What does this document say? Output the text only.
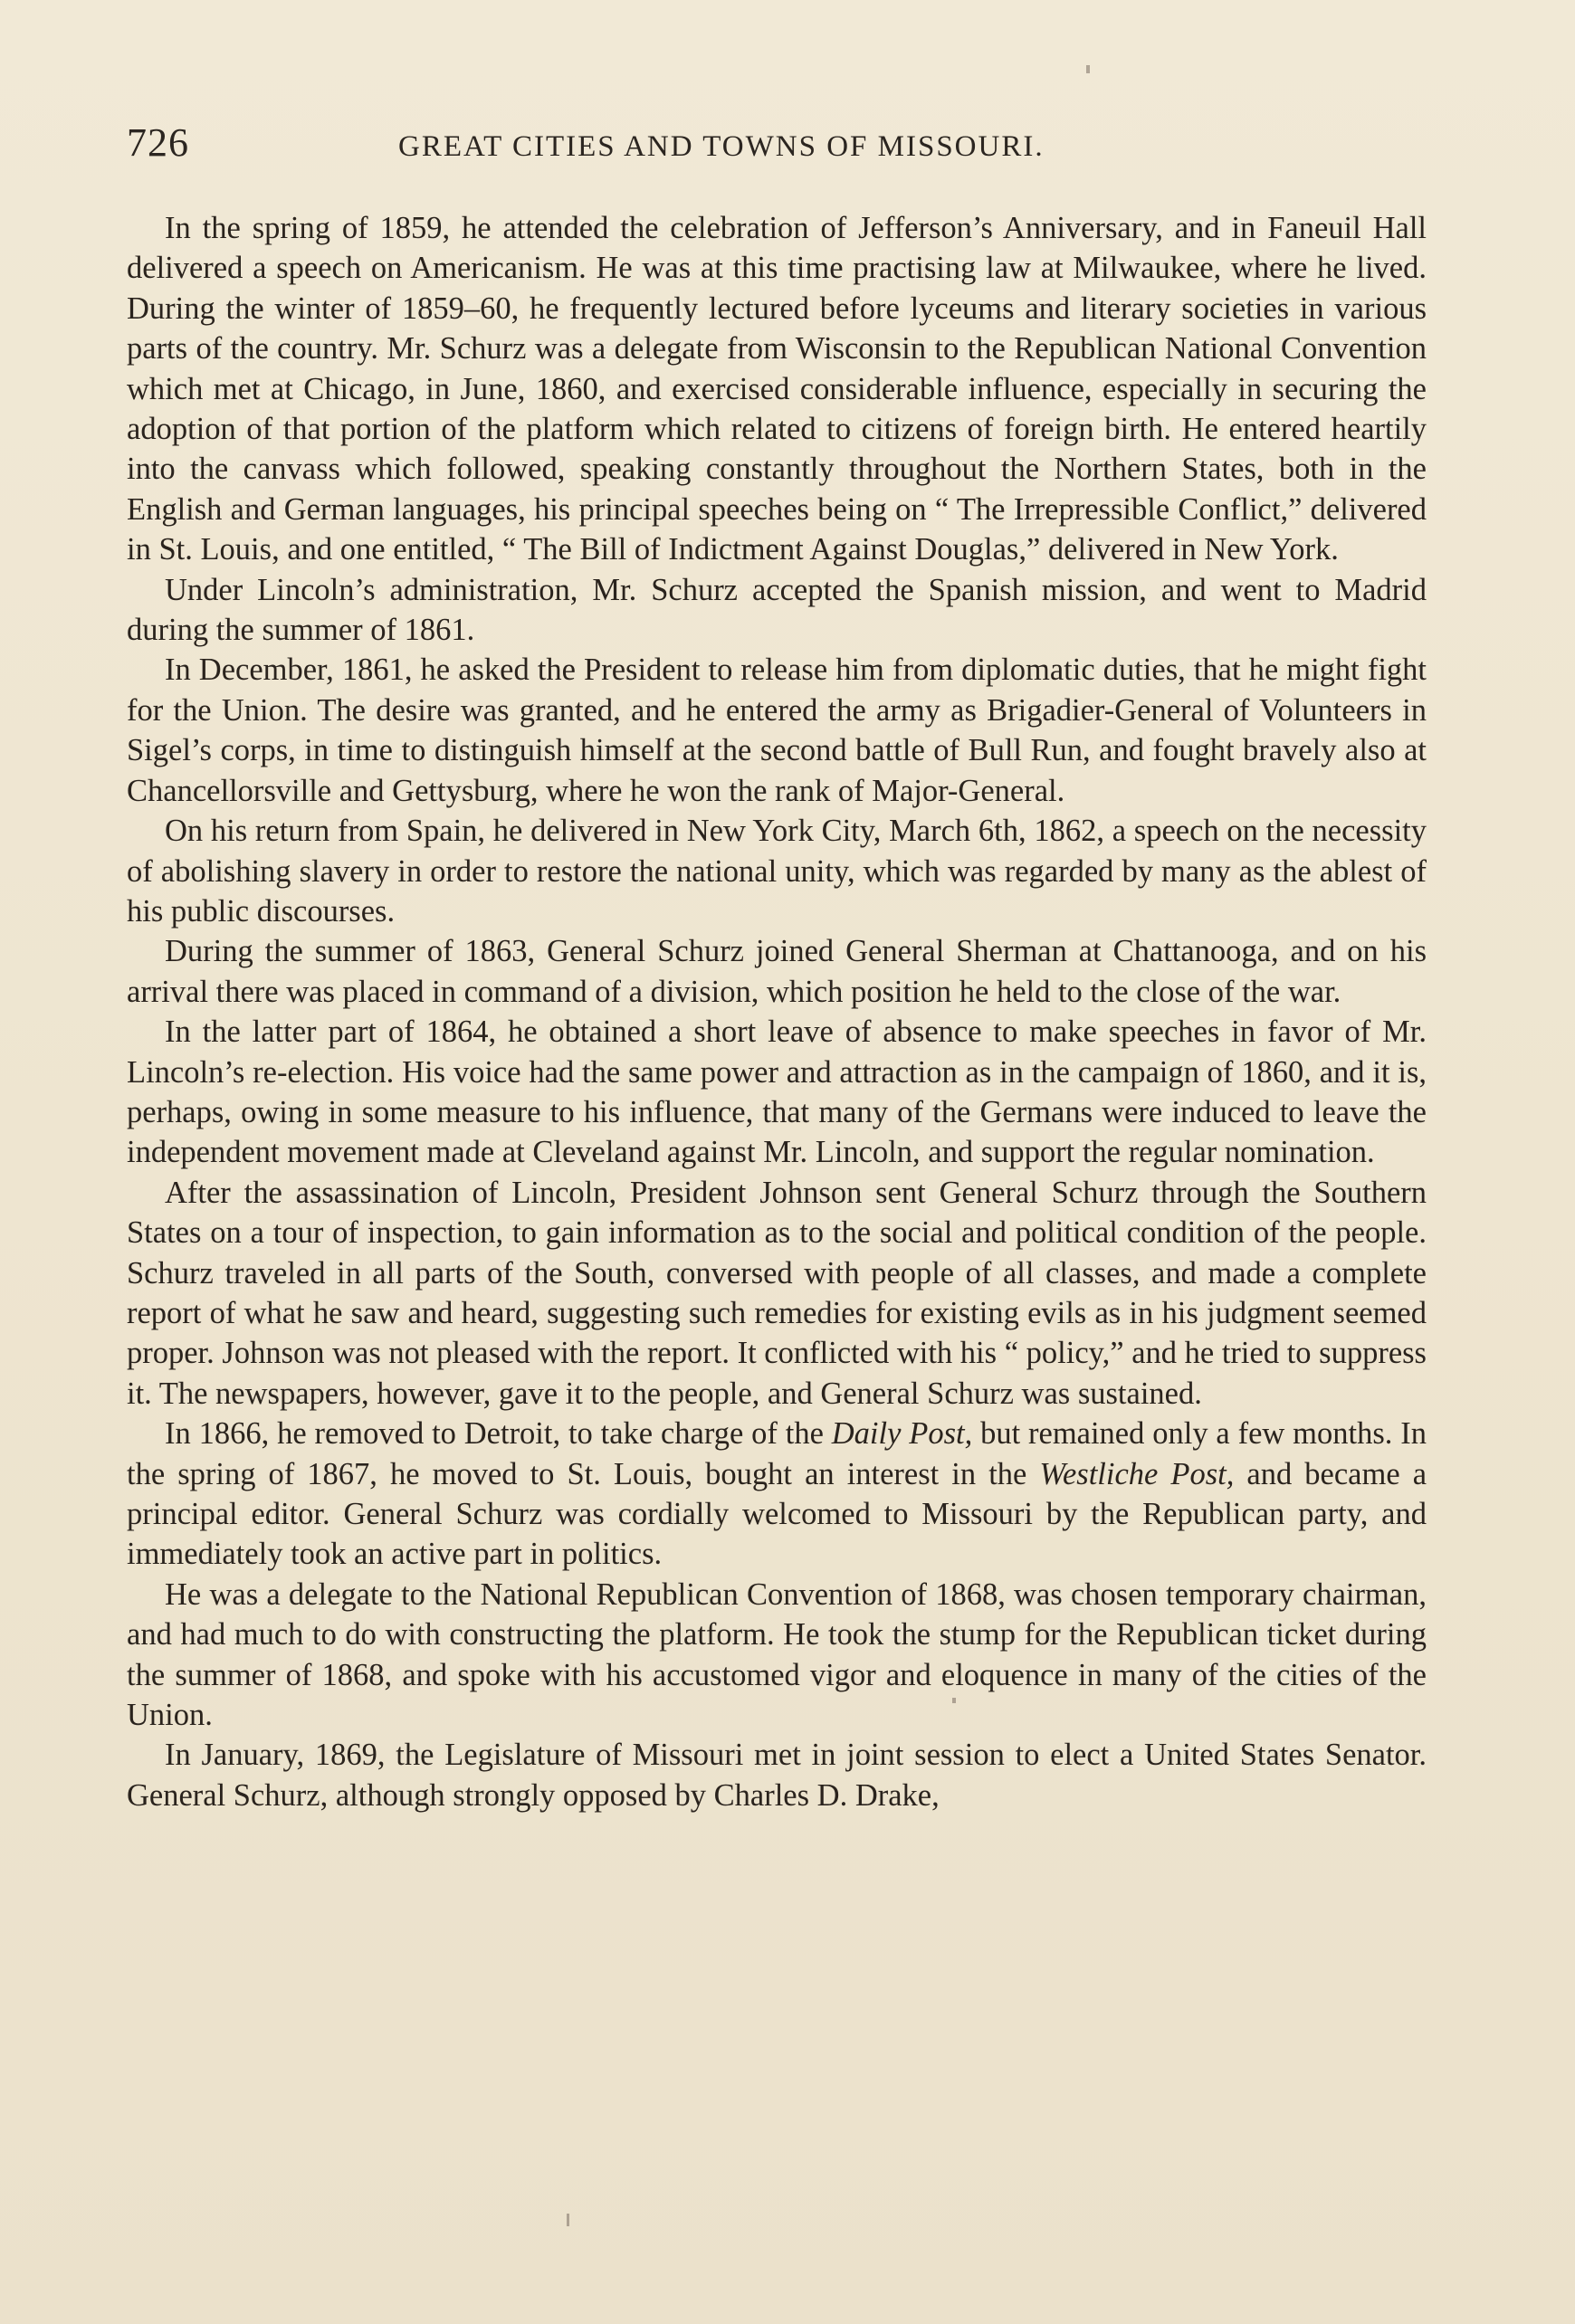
726	GREAT CITIES AND TOWNS OF MISSOURI.

In the spring of 1859, he attended the celebration of Jefferson’s Anniversary, and in Faneuil Hall delivered a speech on Americanism. He was at this time practising law at Milwaukee, where he lived. During the winter of 1859–60, he frequently lectured before lyceums and literary societies in various parts of the country. Mr. Schurz was a delegate from Wisconsin to the Republican National Convention which met at Chicago, in June, 1860, and exercised considerable influence, especially in securing the adoption of that portion of the platform which related to citizens of foreign birth. He entered heartily into the canvass which followed, speaking constantly throughout the Northern States, both in the English and German languages, his principal speeches being on “ The Irrepressible Conflict,” delivered in St. Louis, and one entitled, “ The Bill of Indictment Against Douglas,” delivered in New York.

Under Lincoln’s administration, Mr. Schurz accepted the Spanish mission, and went to Madrid during the summer of 1861.

In December, 1861, he asked the President to release him from diplomatic duties, that he might fight for the Union. The desire was granted, and he entered the army as Brigadier-General of Volunteers in Sigel’s corps, in time to distinguish himself at the second battle of Bull Run, and fought bravely also at Chancellorsville and Gettysburg, where he won the rank of Major-General.

On his return from Spain, he delivered in New York City, March 6th, 1862, a speech on the necessity of abolishing slavery in order to restore the national unity, which was regarded by many as the ablest of his public discourses.

During the summer of 1863, General Schurz joined General Sherman at Chattanooga, and on his arrival there was placed in command of a division, which position he held to the close of the war.

In the latter part of 1864, he obtained a short leave of absence to make speeches in favor of Mr. Lincoln’s re-election. His voice had the same power and attraction as in the campaign of 1860, and it is, perhaps, owing in some measure to his influence, that many of the Germans were induced to leave the independent movement made at Cleveland against Mr. Lincoln, and support the regular nomination.

After the assassination of Lincoln, President Johnson sent General Schurz through the Southern States on a tour of inspection, to gain information as to the social and political condition of the people. Schurz traveled in all parts of the South, conversed with people of all classes, and made a complete report of what he saw and heard, suggesting such remedies for existing evils as in his judgment seemed proper. Johnson was not pleased with the report. It conflicted with his “ policy,” and he tried to suppress it. The newspapers, however, gave it to the people, and General Schurz was sustained.

In 1866, he removed to Detroit, to take charge of the Daily Post, but remained only a few months. In the spring of 1867, he moved to St. Louis, bought an interest in the Westliche Post, and became a principal editor. General Schurz was cordially welcomed to Missouri by the Republican party, and immediately took an active part in politics.

He was a delegate to the National Republican Convention of 1868, was chosen temporary chairman, and had much to do with constructing the platform. He took the stump for the Republican ticket during the summer of 1868, and spoke with his accustomed vigor and eloquence in many of the cities of the Union.

In January, 1869, the Legislature of Missouri met in joint session to elect a United States Senator. General Schurz, although strongly opposed by Charles D. Drake,
